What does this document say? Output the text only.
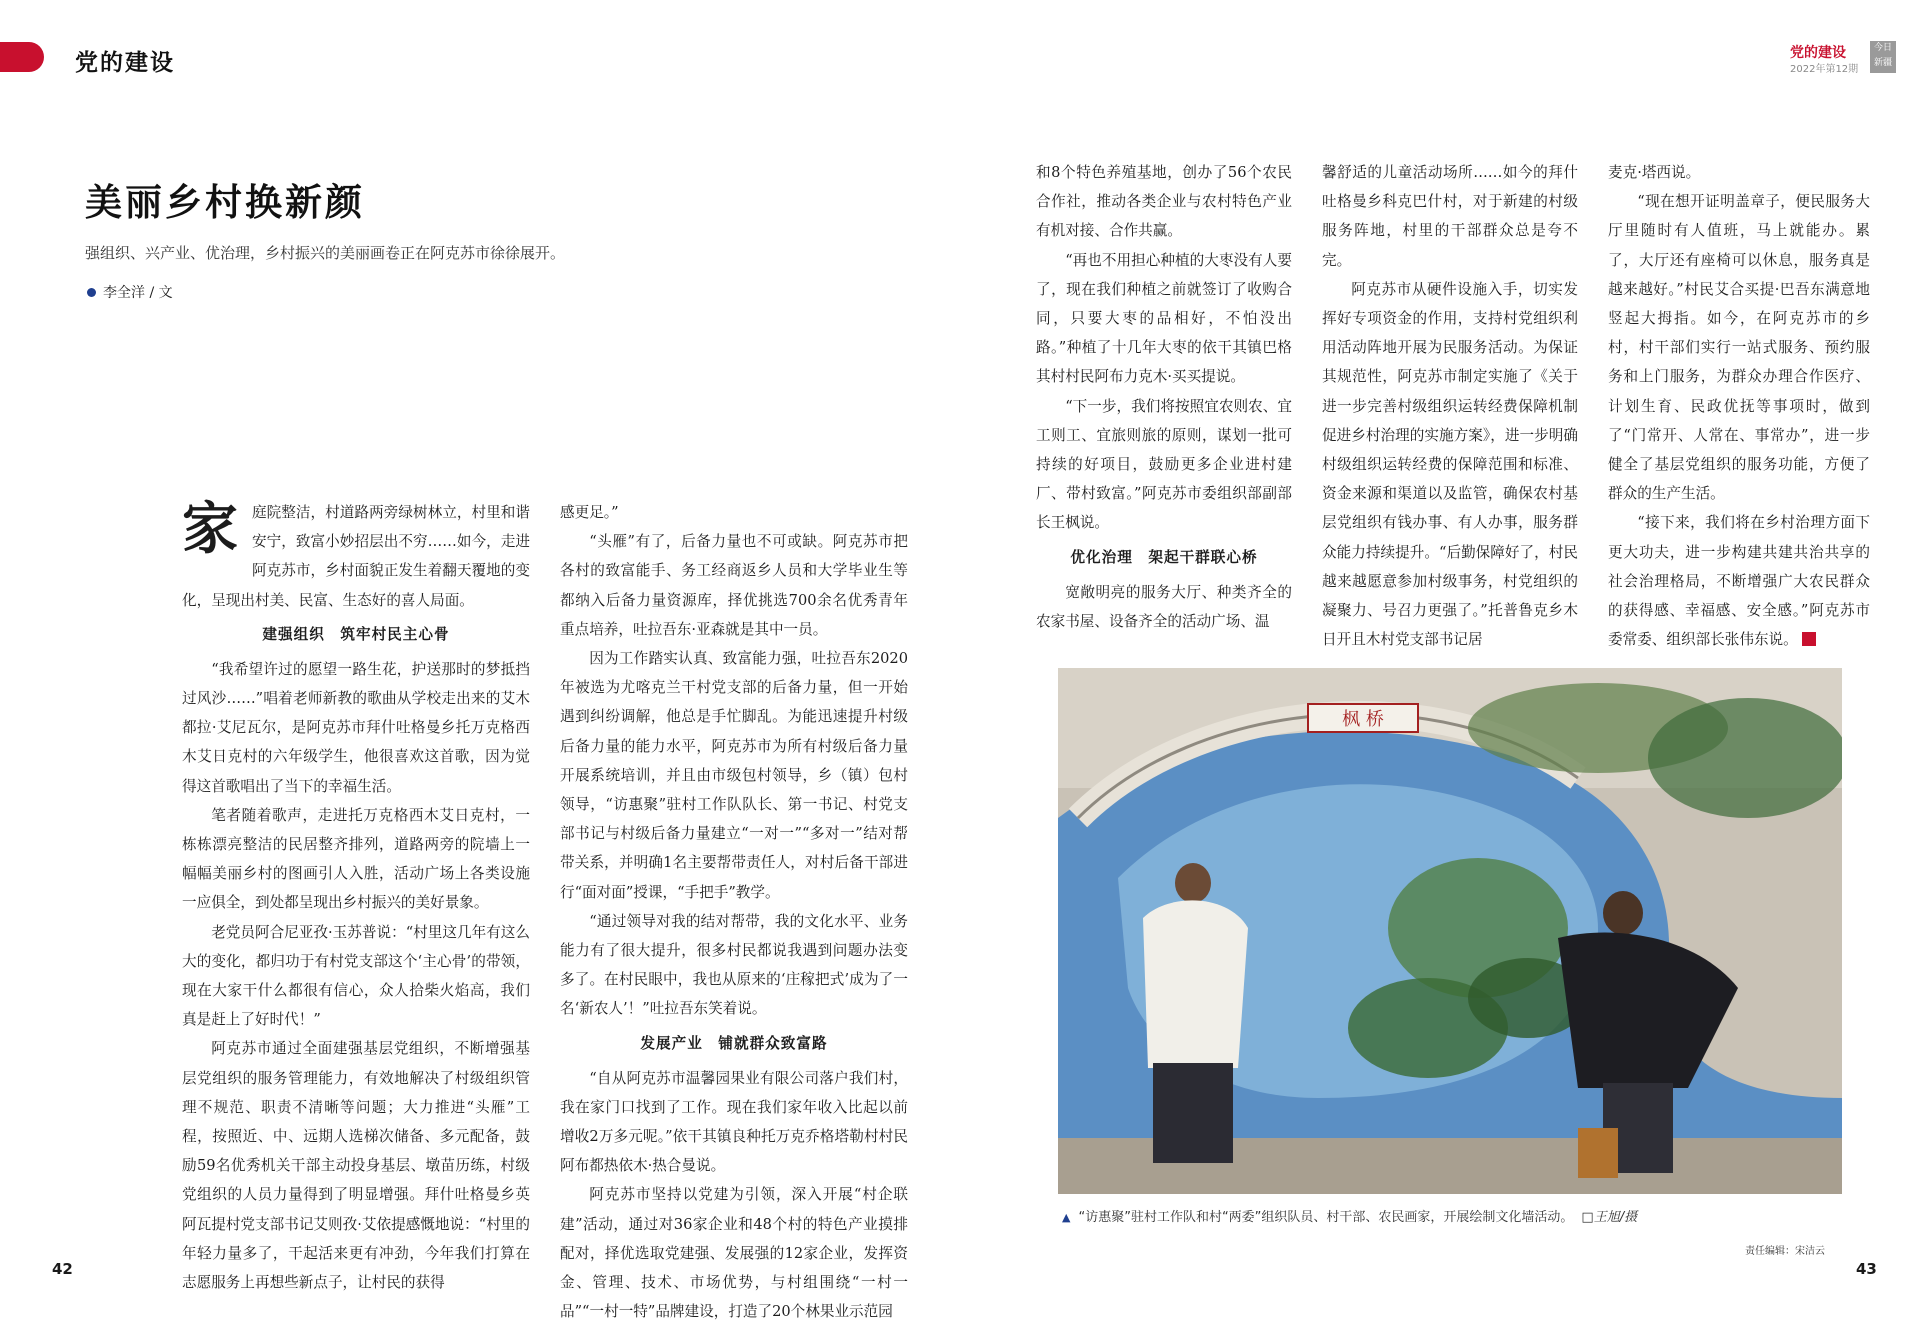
党的建设	党的建设
2022年第12期
今日
新疆
美丽乡村换新颜
强组织、兴产业、优治理，乡村振兴的美丽画卷正在阿克苏市徐徐展开。
李全洋 / 文

家庭院整洁，村道路两旁绿树林立，村里和谐安宁，致富小妙招层出不穷……如今，走进阿克苏市，乡村面貌正发生着翻天覆地的变化，呈现出村美、民富、生态好的喜人局面。

建强组织　筑牢村民主心骨

“我希望许过的愿望一路生花，护送那时的梦抵挡过风沙……”唱着老师新教的歌曲从学校走出来的艾木都拉·艾尼瓦尔，是阿克苏市拜什吐格曼乡托万克格西木艾日克村的六年级学生，他很喜欢这首歌，因为觉得这首歌唱出了当下的幸福生活。

笔者随着歌声，走进托万克格西木艾日克村，一栋栋漂亮整洁的民居整齐排列，道路两旁的院墙上一幅幅美丽乡村的图画引人入胜，活动广场上各类设施一应俱全，到处都呈现出乡村振兴的美好景象。

老党员阿合尼亚孜·玉苏普说：“村里这几年有这么大的变化，都归功于有村党支部这个‘主心骨’的带领，现在大家干什么都很有信心，众人拾柴火焰高，我们真是赶上了好时代！”

阿克苏市通过全面建强基层党组织，不断增强基层党组织的服务管理能力，有效地解决了村级组织管理不规范、职责不清晰等问题；大力推进“头雁”工程，按照近、中、远期人选梯次储备、多元配备，鼓励59名优秀机关干部主动投身基层、墩苗历练，村级党组织的人员力量得到了明显增强。拜什吐格曼乡英阿瓦提村党支部书记艾则孜·艾依提感慨地说：“村里的年轻力量多了，干起活来更有冲劲，今年我们打算在志愿服务上再想些新点子，让村民的获得

感更足。”

“头雁”有了，后备力量也不可或缺。阿克苏市把各村的致富能手、务工经商返乡人员和大学毕业生等都纳入后备力量资源库，择优挑选700余名优秀青年重点培养，吐拉吾东·亚森就是其中一员。

因为工作踏实认真、致富能力强，吐拉吾东2020年被选为尤喀克兰干村党支部的后备力量，但一开始遇到纠纷调解，他总是手忙脚乱。为能迅速提升村级后备力量的能力水平，阿克苏市为所有村级后备力量开展系统培训，并且由市级包村领导，乡（镇）包村领导，“访惠聚”驻村工作队队长、第一书记、村党支部书记与村级后备力量建立“一对一”“多对一”结对帮带关系，并明确1名主要帮带责任人，对村后备干部进行“面对面”授课，“手把手”教学。

“通过领导对我的结对帮带，我的文化水平、业务能力有了很大提升，很多村民都说我遇到问题办法变多了。在村民眼中，我也从原来的‘庄稼把式’成为了一名‘新农人’！”吐拉吾东笑着说。

发展产业　铺就群众致富路

“自从阿克苏市温馨园果业有限公司落户我们村，我在家门口找到了工作。现在我们家年收入比起以前增收2万多元呢。”依干其镇良种托万克乔格塔勒村村民阿布都热依木·热合曼说。

阿克苏市坚持以党建为引领，深入开展“村企联建”活动，通过对36家企业和48个村的特色产业摸排配对，择优选取党建强、发展强的12家企业，发挥资金、管理、技术、市场优势，与村组围绕“一村一品”“一村一特”品牌建设，打造了20个林果业示范园

和8个特色养殖基地，创办了56个农民合作社，推动各类企业与农村特色产业有机对接、合作共赢。

“再也不用担心种植的大枣没有人要了，现在我们种植之前就签订了收购合同，只要大枣的品相好，不怕没出路。”种植了十几年大枣的依干其镇巴格其村村民阿布力克木·买买提说。

“下一步，我们将按照宜农则农、宜工则工、宜旅则旅的原则，谋划一批可持续的好项目，鼓励更多企业进村建厂、带村致富。”阿克苏市委组织部副部长王枫说。

优化治理　架起干群联心桥

宽敞明亮的服务大厅、种类齐全的农家书屋、设备齐全的活动广场、温

馨舒适的儿童活动场所……如今的拜什吐格曼乡科克巴什村，对于新建的村级服务阵地，村里的干部群众总是夸不完。

阿克苏市从硬件设施入手，切实发挥好专项资金的作用，支持村党组织利用活动阵地开展为民服务活动。为保证其规范性，阿克苏市制定实施了《关于进一步完善村级组织运转经费保障机制促进乡村治理的实施方案》，进一步明确村级组织运转经费的保障范围和标准、资金来源和渠道以及监管，确保农村基层党组织有钱办事、有人办事，服务群众能力持续提升。“后勤保障好了，村民越来越愿意参加村级事务，村党组织的凝聚力、号召力更强了。”托普鲁克乡木日开且木村党支部书记居

麦克·塔西说。

“现在想开证明盖章子，便民服务大厅里随时有人值班，马上就能办。累了，大厅还有座椅可以休息，服务真是越来越好。”村民艾合买提·巴吾东满意地竖起大拇指。如今，在阿克苏市的乡村，村干部们实行一站式服务、预约服务和上门服务，为群众办理合作医疗、计划生育、民政优抚等事项时，做到了“门常开、人常在、事常办”，进一步健全了基层党组织的服务功能，方便了群众的生产生活。

“接下来，我们将在乡村治理方面下更大功夫，进一步构建共建共治共享的社会治理格局，不断增强广大农民群众的获得感、幸福感、安全感。”阿克苏市委常委、组织部长张伟东说。

枫 桥
▲ “访惠聚”驻村工作队和村“两委”组织队员、村干部、农民画家，开展绘制文化墙活动。 □王旭/摄
42
责任编辑：宋洁云
43
